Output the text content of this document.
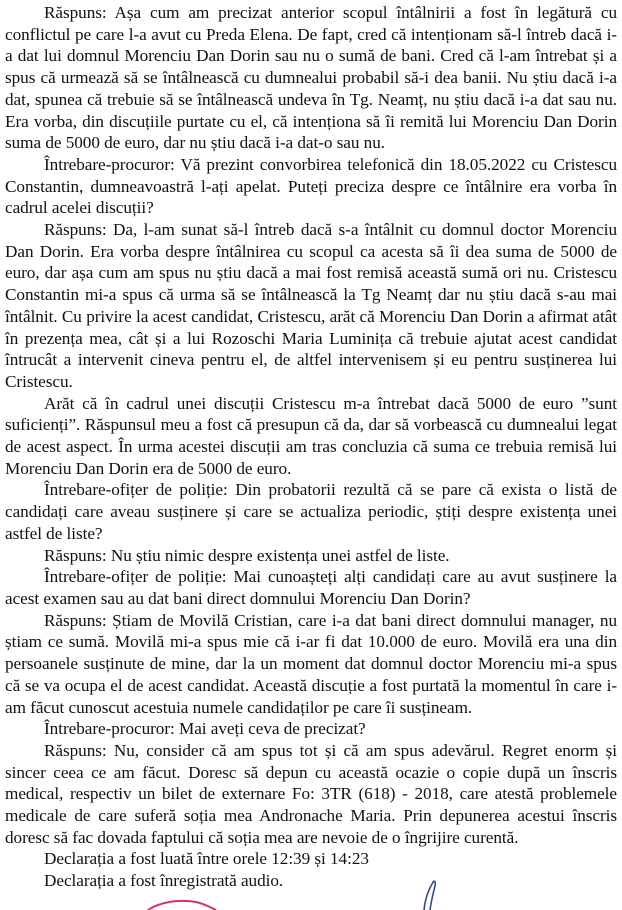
Răspuns: Așa cum am precizat anterior scopul întâlnirii a fost în legătură cu conflictul pe care l-a avut cu Preda Elena. De fapt, cred că intenționam să-l întreb dacă i-a dat lui domnul Morenciu Dan Dorin sau nu o sumă de bani. Cred că l-am întrebat și a spus că urmează să se întâlnească cu dumnealui probabil să-i dea banii. Nu știu dacă i-a dat, spunea că trebuie să se întâlnească undeva în Tg. Neamț, nu știu dacă i-a dat sau nu. Era vorba, din discuțiile purtate cu el, că intenționa să îi remită lui Morenciu Dan Dorin suma de 5000 de euro, dar nu știu dacă i-a dat-o sau nu.

Întrebare-procuror: Vă prezint convorbirea telefonică din 18.05.2022 cu Cristescu Constantin, dumneavoastră l-ați apelat. Puteți preciza despre ce întâlnire era vorba în cadrul acelei discuții?

Răspuns: Da, l-am sunat să-l întreb dacă s-a întâlnit cu domnul doctor Morenciu Dan Dorin. Era vorba despre întâlnirea cu scopul ca acesta să îi dea suma de 5000 de euro, dar așa cum am spus nu știu dacă a mai fost remisă această sumă ori nu. Cristescu Constantin mi-a spus că urma să se întâlnească la Tg Neamț dar nu știu dacă s-au mai întâlnit. Cu privire la acest candidat, Cristescu, arăt că Morenciu Dan Dorin a afirmat atât în prezența mea, cât și a lui Rozoschi Maria Luminița că trebuie ajutat acest candidat întrucât a intervenit cineva pentru el, de altfel intervenisem și eu pentru susținerea lui Cristescu.

Arăt că în cadrul unei discuții Cristescu m-a întrebat dacă 5000 de euro ”sunt suficienți”. Răspunsul meu a fost că presupun că da, dar să vorbească cu dumnealui legat de acest aspect. În urma acestei discuții am tras concluzia că suma ce trebuia remisă lui Morenciu Dan Dorin era de 5000 de euro.

Întrebare-ofițer de poliție: Din probatorii rezultă că se pare că exista o listă de candidați care aveau susținere și care se actualiza periodic, știți despre existența unei astfel de liste?

Răspuns: Nu știu nimic despre existența unei astfel de liste.

Întrebare-ofițer de poliție: Mai cunoașteți alți candidați care au avut susținere la acest examen sau au dat bani direct domnului Morenciu Dan Dorin?

Răspuns: Știam de Movilă Cristian, care i-a dat bani direct domnului manager, nu știam ce sumă. Movilă mi-a spus mie că i-ar fi dat 10.000 de euro. Movilă era una din persoanele susținute de mine, dar la un moment dat domnul doctor Morenciu mi-a spus că se va ocupa el de acest candidat. Această discuție a fost purtată la momentul în care i-am făcut cunoscut acestuia numele candidaților pe care îi susțineam.

Întrebare-procuror: Mai aveți ceva de precizat?

Răspuns: Nu, consider că am spus tot și că am spus adevărul. Regret enorm și sincer ceea ce am făcut. Doresc să depun cu această ocazie o copie după un înscris medical, respectiv un bilet de externare Fo: 3TR (618) - 2018, care atestă problemele medicale de care suferă soția mea Andronache Maria. Prin depunerea acestui înscris doresc să fac dovada faptului că soția mea are nevoie de o îngrijire curentă.

Declarația a fost luată între orele 12:39 și 14:23

Declarația a fost înregistrată audio.
